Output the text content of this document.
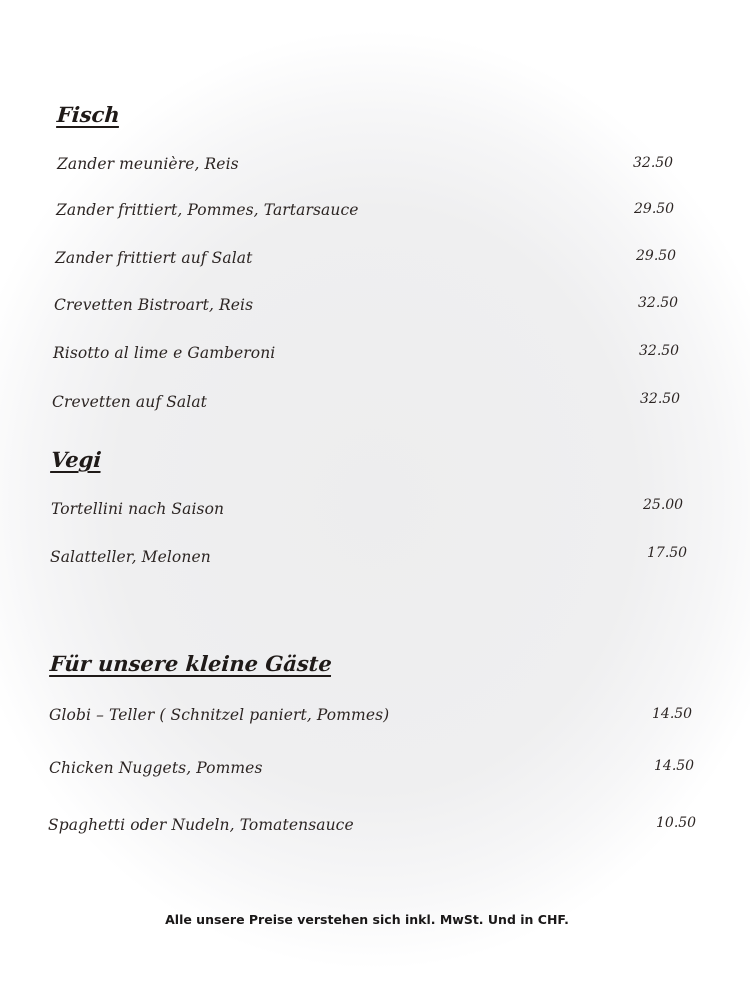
Fisch
Zander meunière, Reis	32.50
Zander frittiert, Pommes, Tartarsauce	29.50
Zander frittiert auf Salat	29.50
Crevetten Bistroart, Reis	32.50
Risotto al lime e Gamberoni	32.50
Crevetten auf Salat	32.50
Vegi
Tortellini nach Saison	25.00
Salatteller, Melonen	17.50
Für unsere kleine Gäste
Globi – Teller ( Schnitzel paniert, Pommes)	14.50
Chicken Nuggets, Pommes	14.50
Spaghetti oder Nudeln, Tomatensauce	10.50
Alle unsere Preise verstehen sich inkl. MwSt. Und in CHF.
